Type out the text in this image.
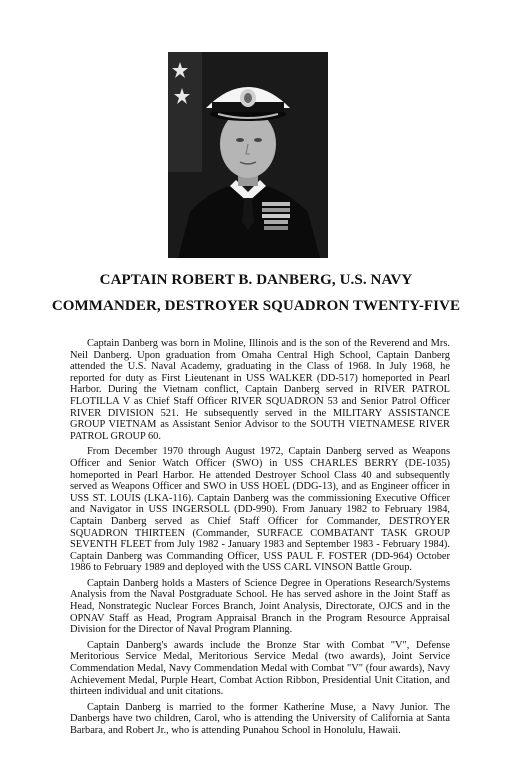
CAPTAIN ROBERT B. DANBERG, U.S. NAVY
COMMANDER, DESTROYER SQUADRON TWENTY-FIVE

Captain Danberg was born in Moline, Illinois and is the son of the Reverend and Mrs. Neil Danberg. Upon graduation from Omaha Central High School, Captain Danberg attended the U.S. Naval Academy, graduating in the Class of 1968. In July 1968, he reported for duty as First Lieutenant in USS WALKER (DD-517) homeported in Pearl Harbor. During the Vietnam conflict, Captain Danberg served in RIVER PATROL FLOTILLA V as Chief Staff Officer RIVER SQUADRON 53 and Senior Patrol Officer RIVER DIVISION 521. He subsequently served in the MILITARY ASSISTANCE GROUP VIETNAM as Assistant Senior Advisor to the SOUTH VIETNAMESE RIVER PATROL GROUP 60.

From December 1970 through August 1972, Captain Danberg served as Weapons Officer and Senior Watch Officer (SWO) in USS CHARLES BERRY (DE-1035) homeported in Pearl Harbor. He attended Destroyer School Class 40 and subsequently served as Weapons Officer and SWO in USS HOEL (DDG-13), and as Engineer officer in USS ST. LOUIS (LKA-116). Captain Danberg was the commissioning Executive Officer and Navigator in USS INGERSOLL (DD-990). From January 1982 to February 1984, Captain Danberg served as Chief Staff Officer for Commander, DESTROYER SQUADRON THIRTEEN (Commander, SURFACE COMBATANT TASK GROUP SEVENTH FLEET from July 1982 - January 1983 and September 1983 - February 1984). Captain Danberg was Commanding Officer, USS PAUL F. FOSTER (DD-964) October 1986 to February 1989 and deployed with the USS CARL VINSON Battle Group.

Captain Danberg holds a Masters of Science Degree in Operations Research/Systems Analysis from the Naval Postgraduate School. He has served ashore in the Joint Staff as Head, Nonstrategic Nuclear Forces Branch, Joint Analysis, Directorate, OJCS and in the OPNAV Staff as Head, Program Appraisal Branch in the Program Resource Appraisal Division for the Director of Naval Program Planning.

Captain Danberg's awards include the Bronze Star with Combat "V", Defense Meritorious Service Medal, Meritorious Service Medal (two awards), Joint Service Commendation Medal, Navy Commendation Medal with Combat "V" (four awards), Navy Achievement Medal, Purple Heart, Combat Action Ribbon, Presidential Unit Citation, and thirteen individual and unit citations.

Captain Danberg is married to the former Katherine Muse, a Navy Junior. The Danbergs have two children, Carol, who is attending the University of California at Santa Barbara, and Robert Jr., who is attending Punahou School in Honolulu, Hawaii.
